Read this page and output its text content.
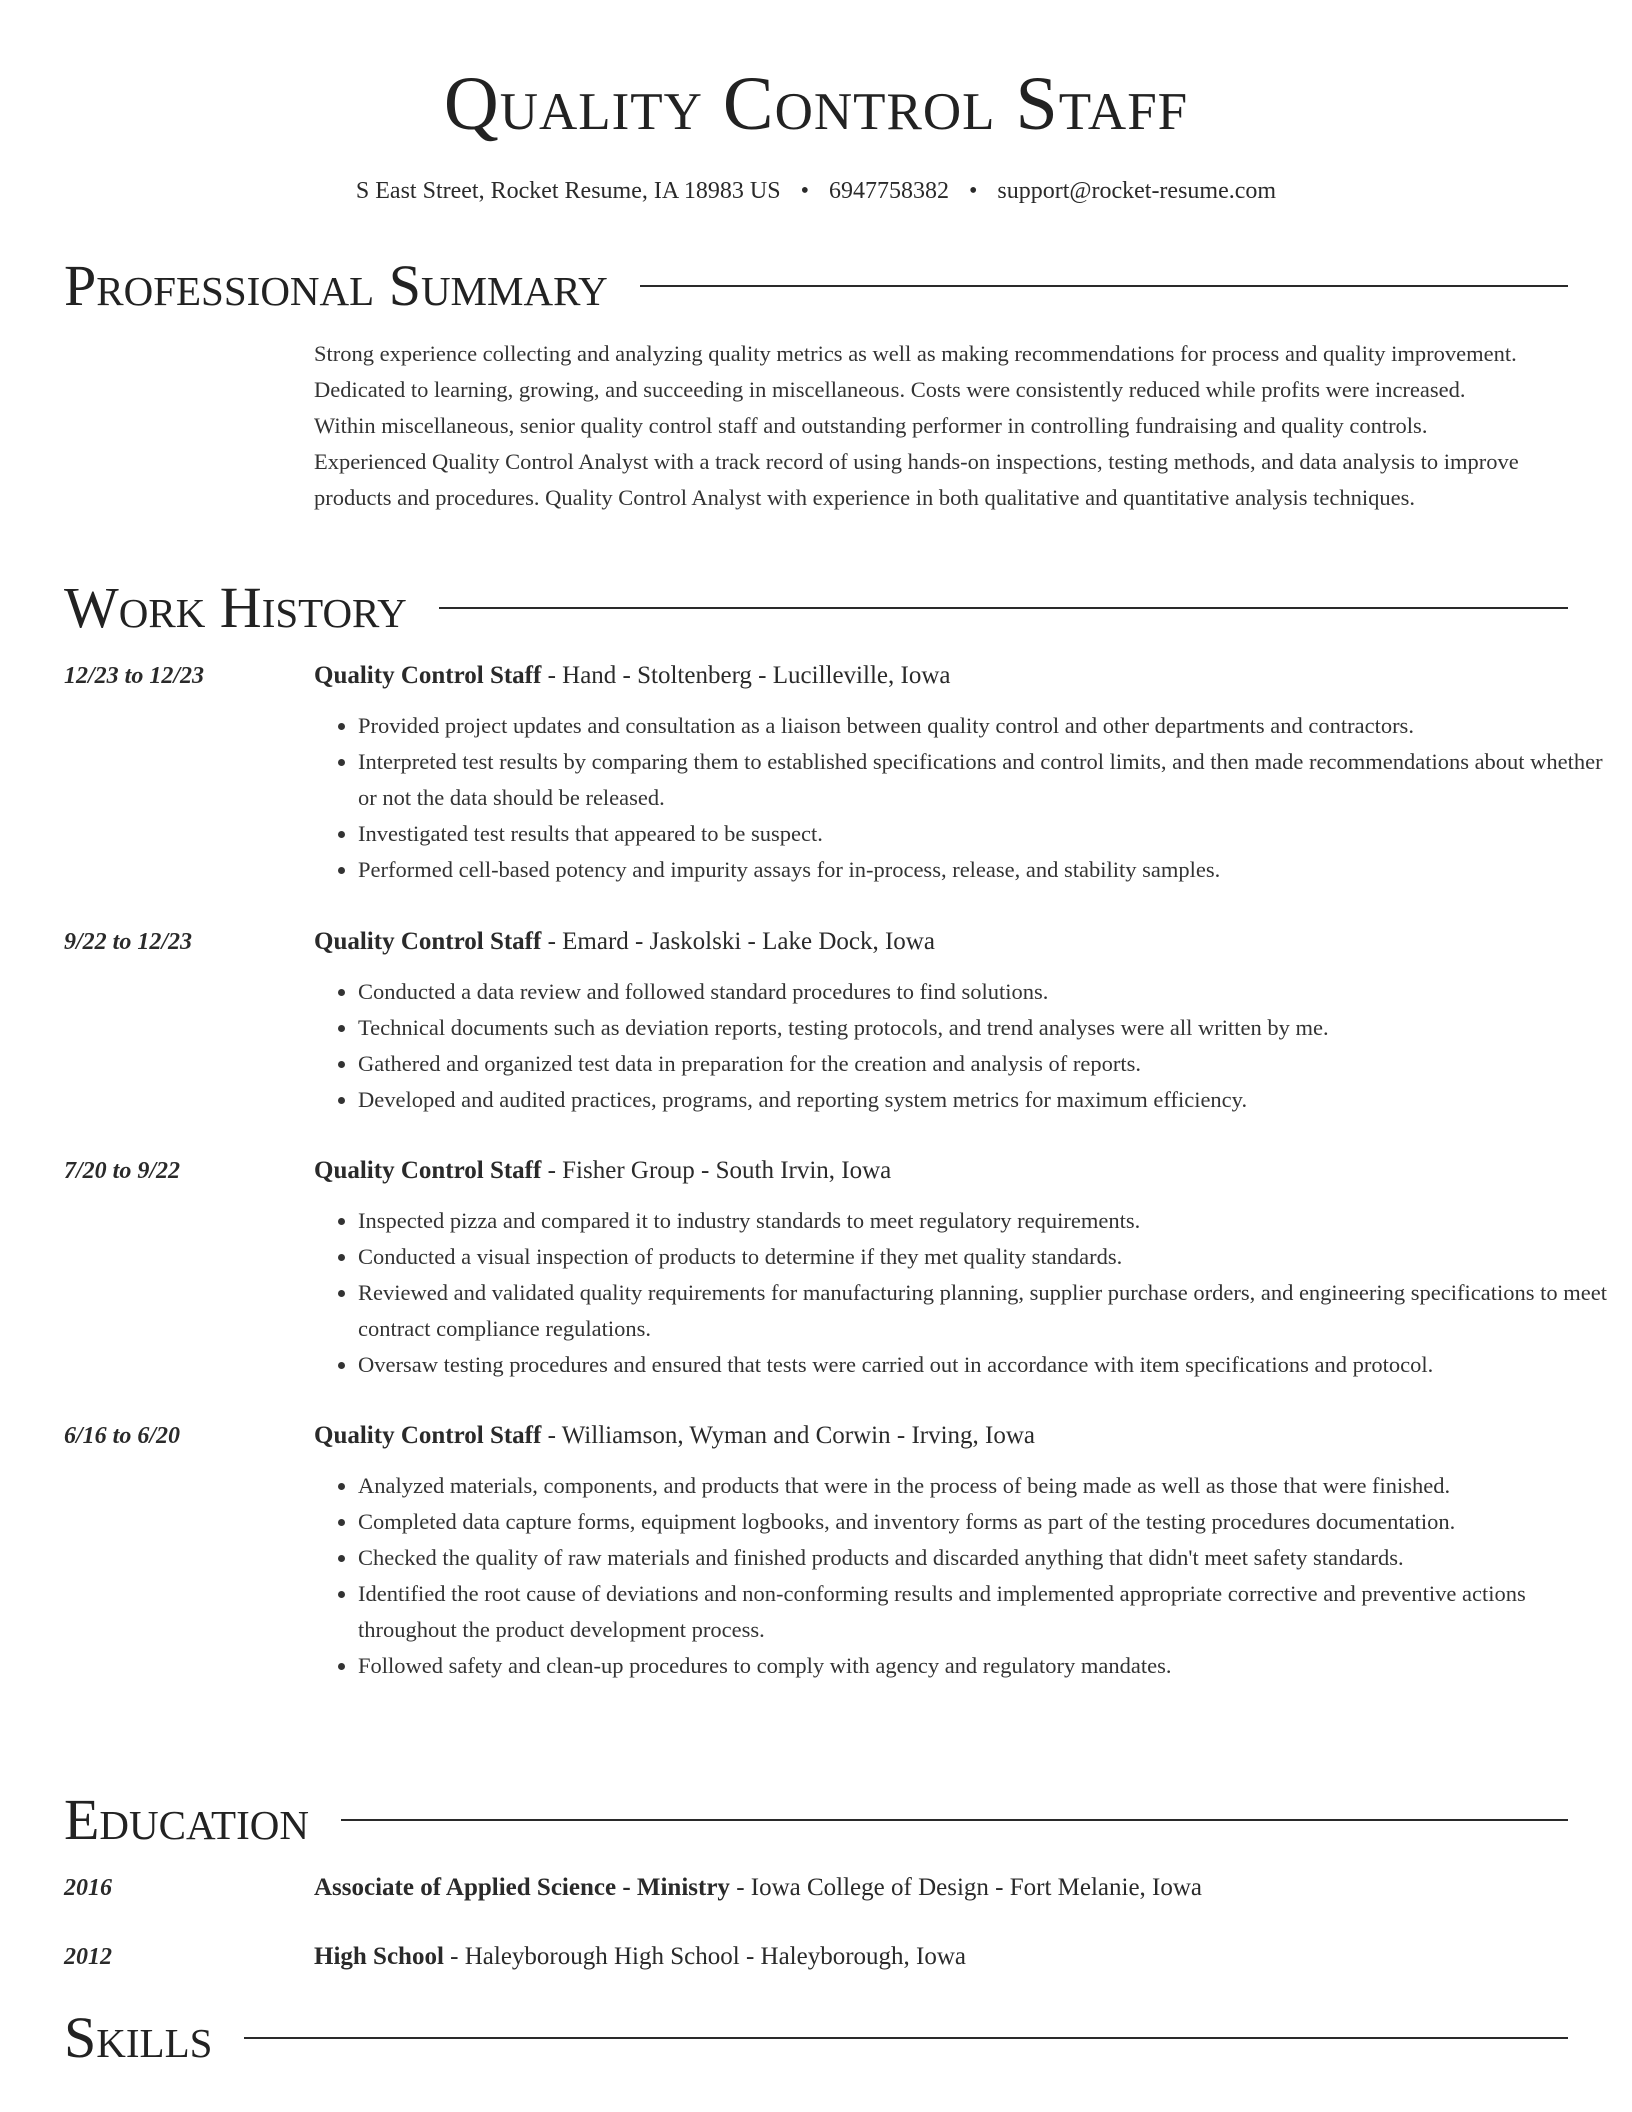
Quality Control Staff
S East Street, Rocket Resume, IA 18983 US • 6947758382 • support@rocket-resume.com
Professional Summary
Strong experience collecting and analyzing quality metrics as well as making recommendations for process and quality improvement. Dedicated to learning, growing, and succeeding in miscellaneous. Costs were consistently reduced while profits were increased. Within miscellaneous, senior quality control staff and outstanding performer in controlling fundraising and quality controls. Experienced Quality Control Analyst with a track record of using hands-on inspections, testing methods, and data analysis to improve products and procedures. Quality Control Analyst with experience in both qualitative and quantitative analysis techniques.
Work History
12/23 to 12/23	Quality Control Staff - Hand - Stoltenberg - Lucilleville, Iowa
• Provided project updates and consultation as a liaison between quality control and other departments and contractors.
• Interpreted test results by comparing them to established specifications and control limits, and then made recommendations about whether or not the data should be released.
• Investigated test results that appeared to be suspect.
• Performed cell-based potency and impurity assays for in-process, release, and stability samples.
9/22 to 12/23	Quality Control Staff - Emard - Jaskolski - Lake Dock, Iowa
• Conducted a data review and followed standard procedures to find solutions.
• Technical documents such as deviation reports, testing protocols, and trend analyses were all written by me.
• Gathered and organized test data in preparation for the creation and analysis of reports.
• Developed and audited practices, programs, and reporting system metrics for maximum efficiency.
7/20 to 9/22	Quality Control Staff - Fisher Group - South Irvin, Iowa
• Inspected pizza and compared it to industry standards to meet regulatory requirements.
• Conducted a visual inspection of products to determine if they met quality standards.
• Reviewed and validated quality requirements for manufacturing planning, supplier purchase orders, and engineering specifications to meet contract compliance regulations.
• Oversaw testing procedures and ensured that tests were carried out in accordance with item specifications and protocol.
6/16 to 6/20	Quality Control Staff - Williamson, Wyman and Corwin - Irving, Iowa
• Analyzed materials, components, and products that were in the process of being made as well as those that were finished.
• Completed data capture forms, equipment logbooks, and inventory forms as part of the testing procedures documentation.
• Checked the quality of raw materials and finished products and discarded anything that didn't meet safety standards.
• Identified the root cause of deviations and non-conforming results and implemented appropriate corrective and preventive actions throughout the product development process.
• Followed safety and clean-up procedures to comply with agency and regulatory mandates.
Education
2016	Associate of Applied Science - Ministry - Iowa College of Design - Fort Melanie, Iowa
2012	High School - Haleyborough High School - Haleyborough, Iowa
Skills
